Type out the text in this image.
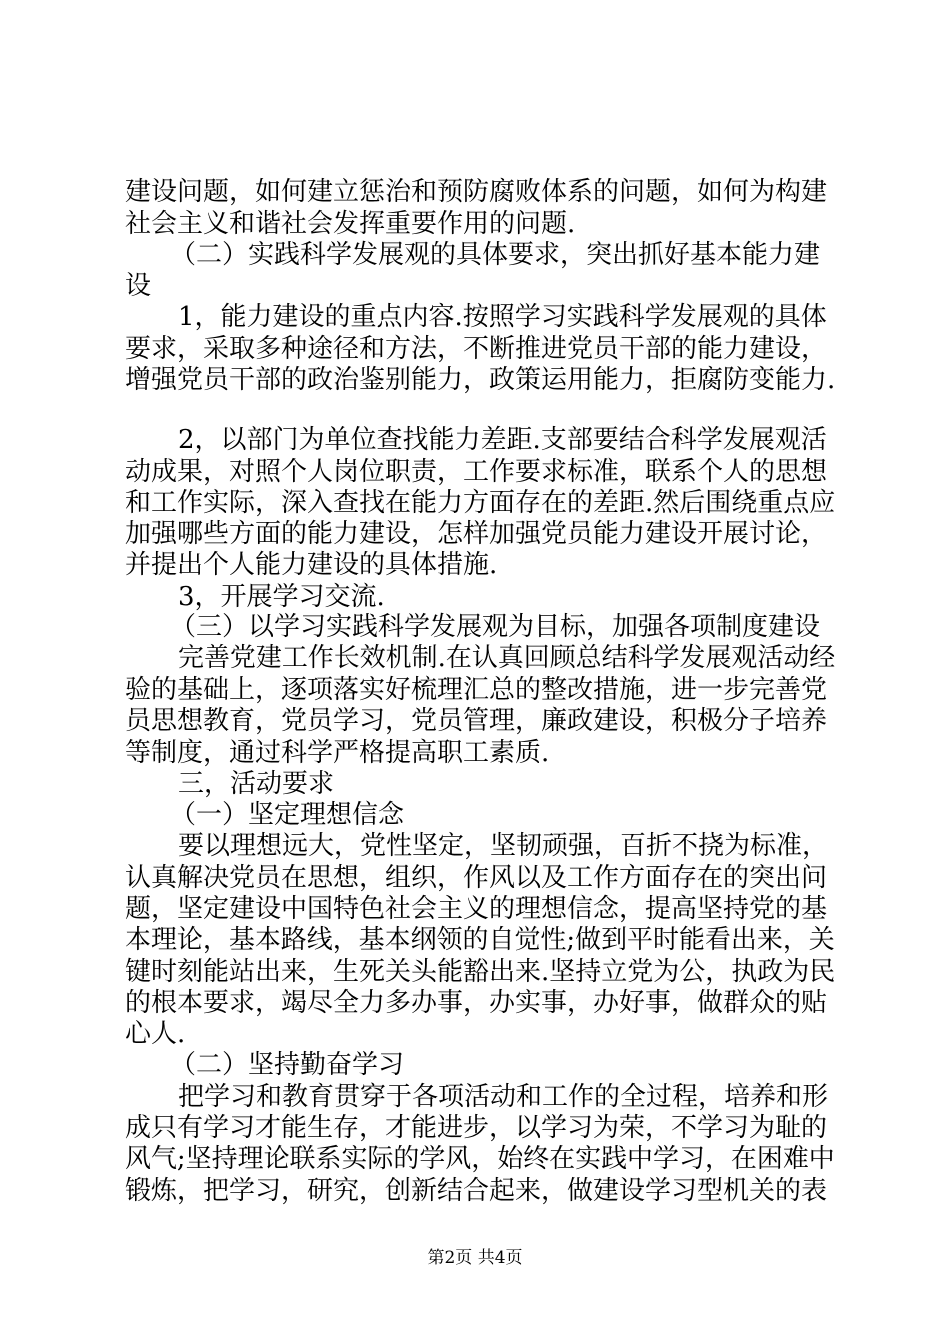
建设问题，如何建立惩治和预防腐败体系的问题，如何为构建
社会主义和谐社会发挥重要作用的问题.
（二）实践科学发展观的具体要求，突出抓好基本能力建
设
1，能力建设的重点内容.按照学习实践科学发展观的具体
要求，采取多种途径和方法，不断推进党员干部的能力建设，
增强党员干部的政治鉴别能力，政策运用能力，拒腐防变能力.
2，以部门为单位查找能力差距.支部要结合科学发展观活
动成果，对照个人岗位职责，工作要求标准，联系个人的思想
和工作实际，深入查找在能力方面存在的差距.然后围绕重点应
加强哪些方面的能力建设，怎样加强党员能力建设开展讨论，
并提出个人能力建设的具体措施.
3，开展学习交流.
（三）以学习实践科学发展观为目标，加强各项制度建设
完善党建工作长效机制.在认真回顾总结科学发展观活动经
验的基础上，逐项落实好梳理汇总的整改措施，进一步完善党
员思想教育，党员学习，党员管理，廉政建设，积极分子培养
等制度，通过科学严格提高职工素质.
三，活动要求
（一）坚定理想信念
要以理想远大，党性坚定，坚韧顽强，百折不挠为标准，
认真解决党员在思想，组织，作风以及工作方面存在的突出问
题，坚定建设中国特色社会主义的理想信念，提高坚持党的基
本理论，基本路线，基本纲领的自觉性;做到平时能看出来，关
键时刻能站出来，生死关头能豁出来.坚持立党为公，执政为民
的根本要求，竭尽全力多办事，办实事，办好事，做群众的贴
心人.
（二）坚持勤奋学习
把学习和教育贯穿于各项活动和工作的全过程，培养和形
成只有学习才能生存，才能进步，以学习为荣，不学习为耻的
风气;坚持理论联系实际的学风，始终在实践中学习，在困难中
锻炼，把学习，研究，创新结合起来，做建设学习型机关的表
第2页 共4页
